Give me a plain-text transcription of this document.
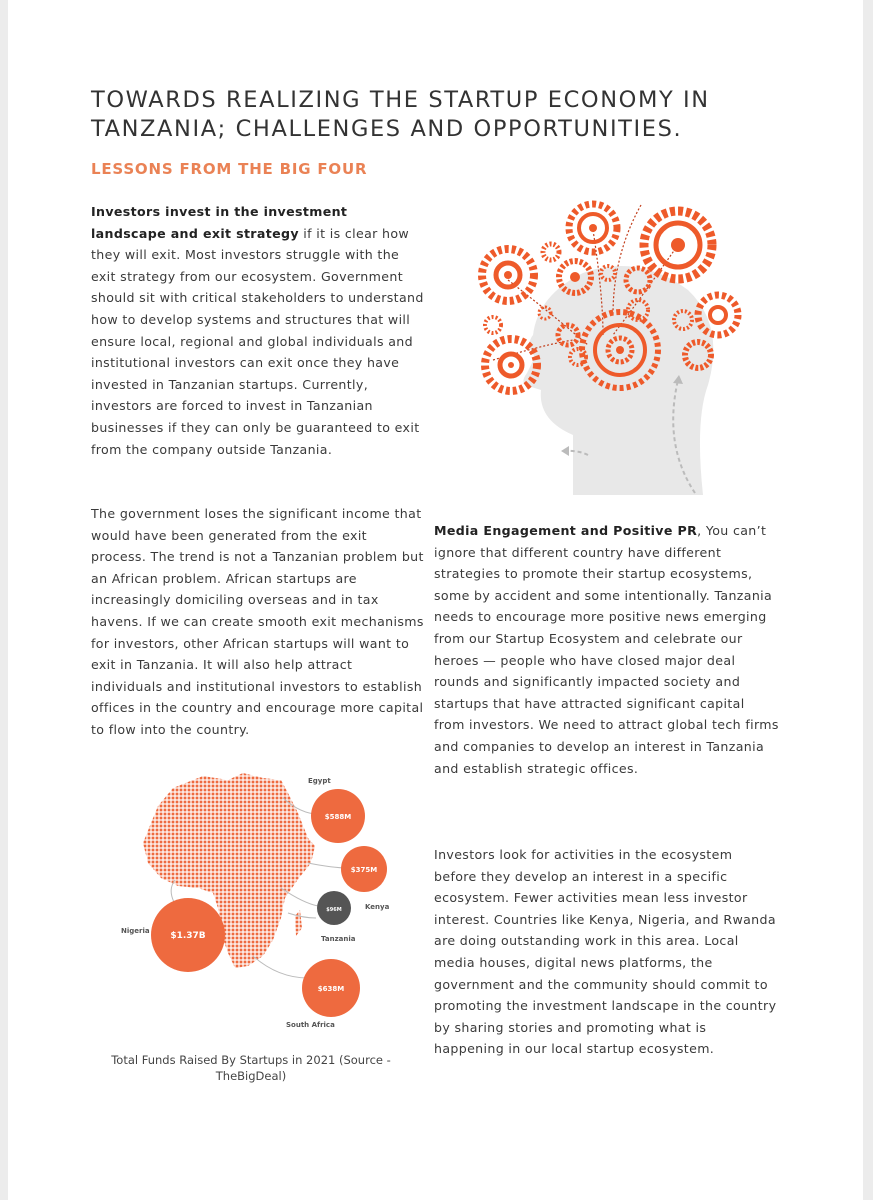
TOWARDS REALIZING THE STARTUP ECONOMY IN TANZANIA; CHALLENGES AND OPPORTUNITIES.
LESSONS FROM THE BIG FOUR

Investors invest in the investment landscape and exit strategy if it is clear how they will exit. Most investors struggle with the exit strategy from our ecosystem. Government should sit with critical stakeholders to understand how to develop systems and structures that will ensure local, regional and global individuals and institutional investors can exit once they have invested in Tanzanian startups. Currently, investors are forced to invest in Tanzanian businesses if they can only be guaranteed to exit from the company outside Tanzania.

The government loses the significant income that would have been generated from the exit process. The trend is not a Tanzanian problem but an African problem. African startups are increasingly domiciling overseas and in tax havens. If we can create smooth exit mechanisms for investors, other African startups will want to exit in Tanzania. It will also help attract individuals and institutional investors to establish offices in the country and encourage more capital to flow into the country.

Media Engagement and Positive PR, You can’t ignore that different country have different strategies to promote their startup ecosystems, some by accident and some intentionally. Tanzania needs to encourage more positive news emerging from our Startup Ecosystem and celebrate our heroes — people who have closed major deal rounds and significantly impacted society and startups that have attracted significant capital from investors. We need to attract global tech firms and companies to develop an interest in Tanzania and establish strategic offices.

Investors look for activities in the ecosystem before they develop an interest in a specific ecosystem. Fewer activities mean less investor interest. Countries like Kenya, Nigeria, and Rwanda are doing outstanding work in this area. Local media houses, digital news platforms, the government and the community should commit to promoting the investment landscape in the country by sharing stories and promoting what is happening in our local startup ecosystem.

Egypt
$588M
$375M
$96M	Kenya
Tanzania
Nigeria $1.37B
$638M
South Africa

Total Funds Raised By Startups in 2021 (Source - TheBigDeal)
